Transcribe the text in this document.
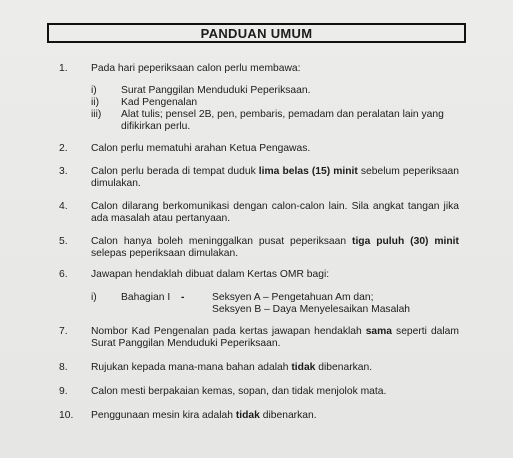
PANDUAN UMUM
1. Pada hari peperiksaan calon perlu membawa:
i) Surat Panggilan Menduduki Peperiksaan.
ii) Kad Pengenalan
iii) Alat tulis; pensel 2B, pen, pembaris, pemadam dan peralatan lain yang difikirkan perlu.
2. Calon perlu mematuhi arahan Ketua Pengawas.
3. Calon perlu berada di tempat duduk lima belas (15) minit sebelum peperiksaan dimulakan.
4. Calon dilarang berkomunikasi dengan calon-calon lain. Sila angkat tangan jika ada masalah atau pertanyaan.
5. Calon hanya boleh meninggalkan pusat peperiksaan tiga puluh (30) minit selepas peperiksaan dimulakan.
6. Jawapan hendaklah dibuat dalam Kertas OMR bagi:
i) Bahagian I -	Seksyen A – Pengetahuan Am dan;
Seksyen B – Daya Menyelesaikan Masalah
7. Nombor Kad Pengenalan pada kertas jawapan hendaklah sama seperti dalam Surat Panggilan Menduduki Peperiksaan.
8. Rujukan kepada mana-mana bahan adalah tidak dibenarkan.
9. Calon mesti berpakaian kemas, sopan, dan tidak menjolok mata.
10. Penggunaan mesin kira adalah tidak dibenarkan.
